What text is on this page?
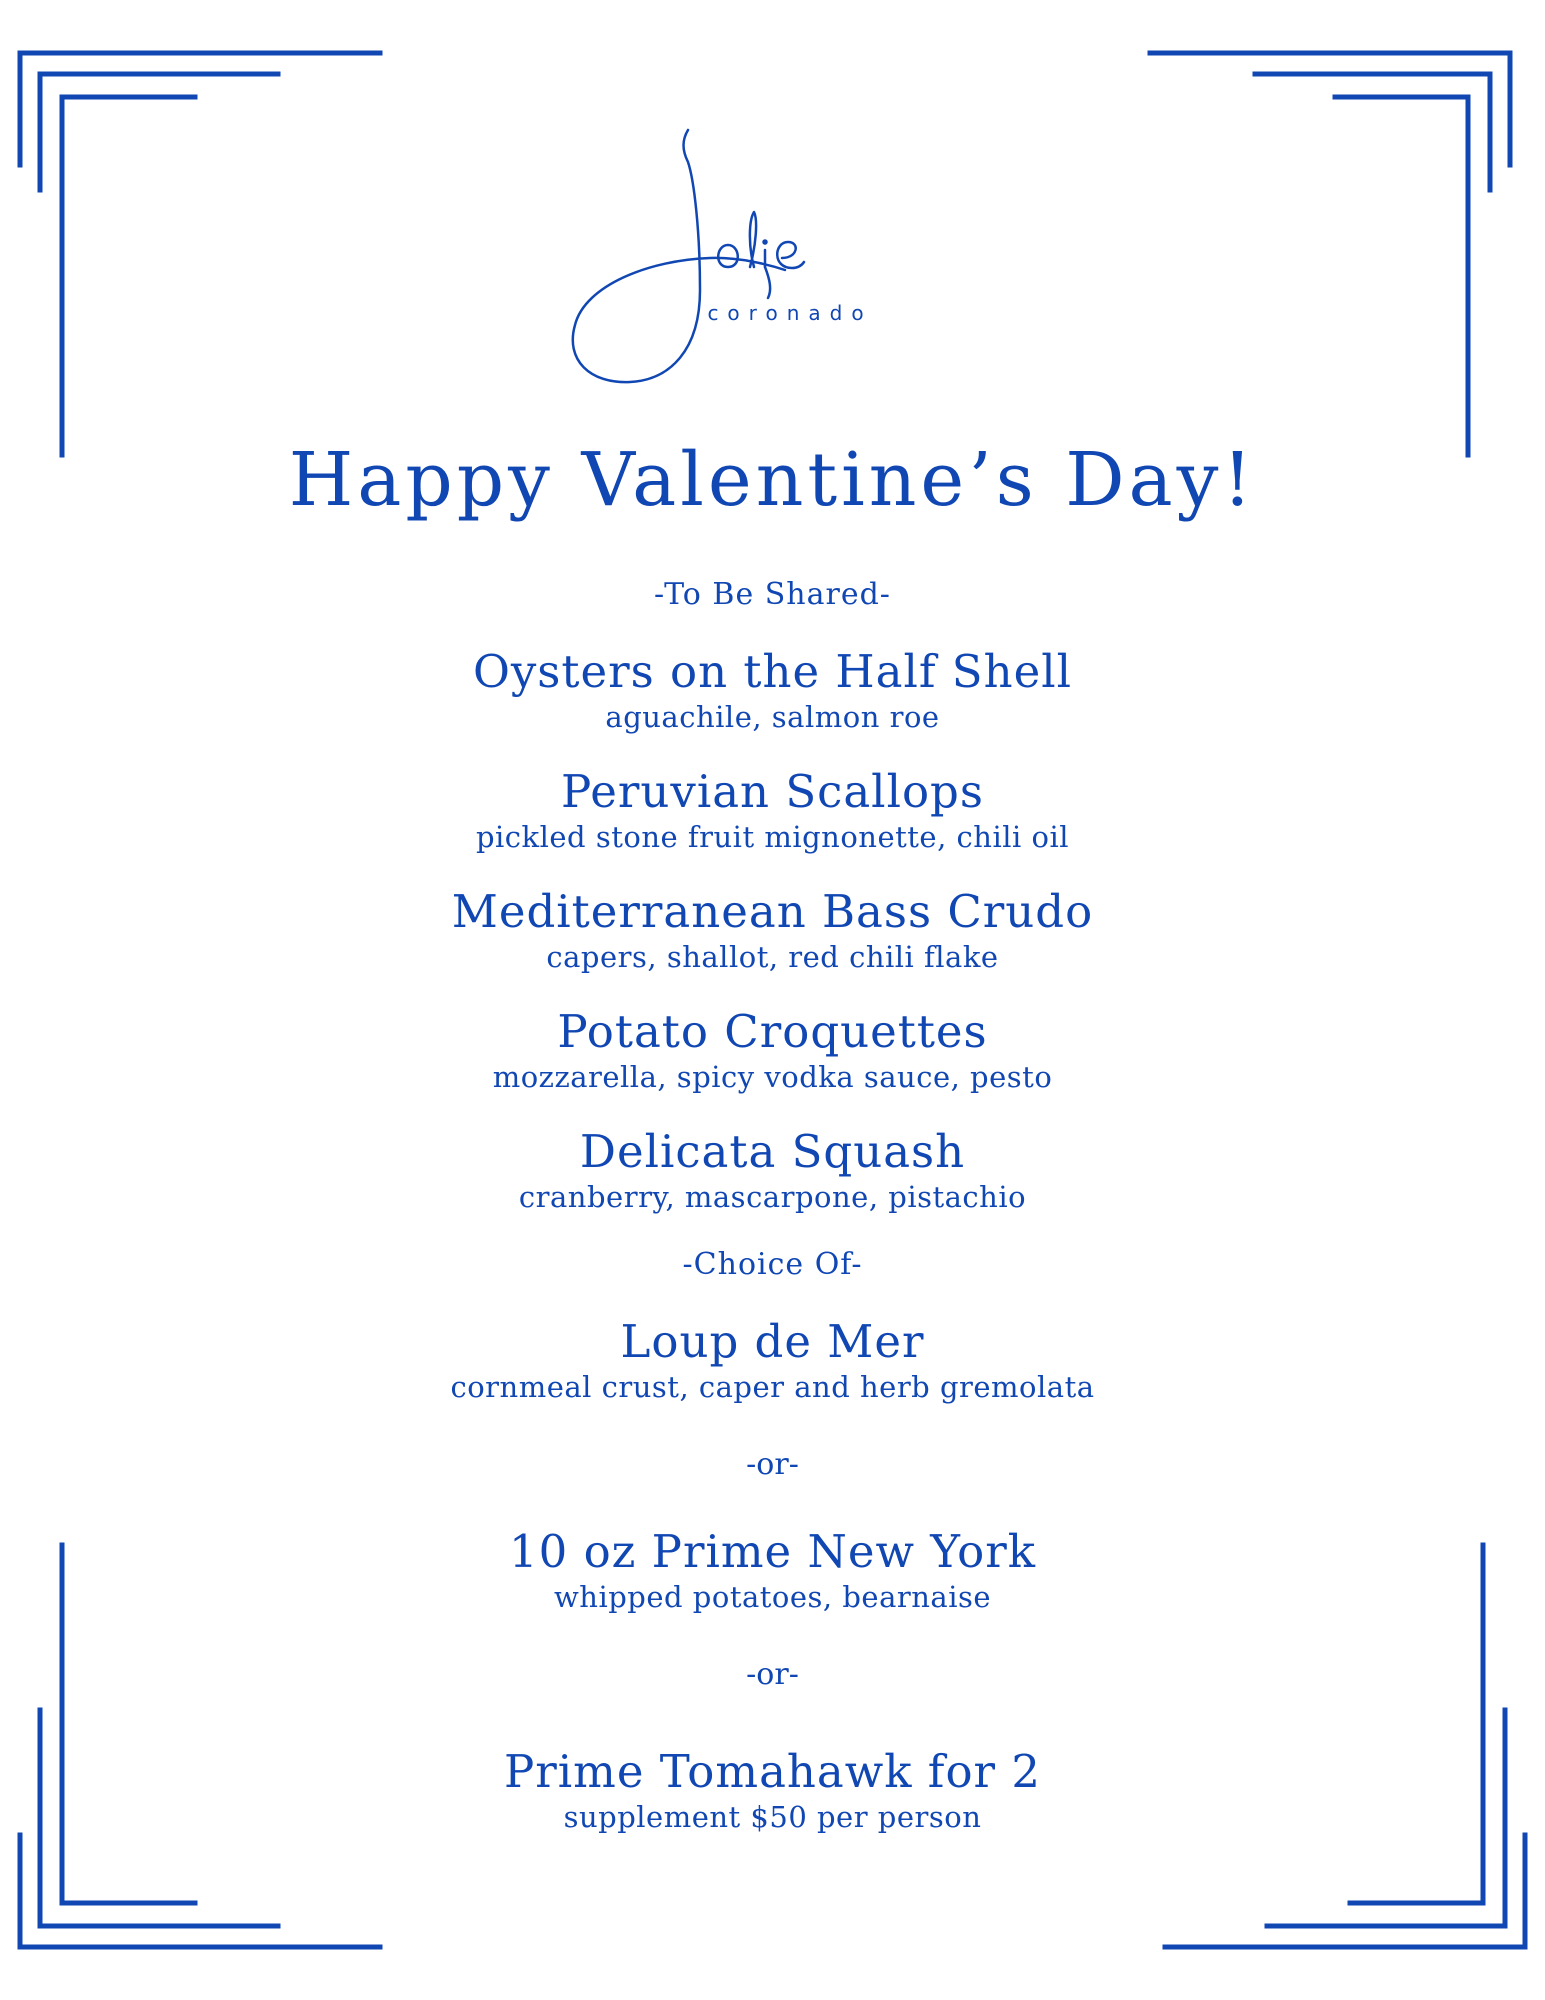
coronado
Happy Valentine’s Day!
-To Be Shared-
Oysters on the Half Shell
aguachile, salmon roe
Peruvian Scallops
pickled stone fruit mignonette, chili oil
Mediterranean Bass Crudo
capers, shallot, red chili flake
Potato Croquettes
mozzarella, spicy vodka sauce, pesto
Delicata Squash
cranberry, mascarpone, pistachio
-Choice Of-
Loup de Mer
cornmeal crust, caper and herb gremolata
-or-
10 oz Prime New York
whipped potatoes, bearnaise
-or-
Prime Tomahawk for 2
supplement $50 per person
